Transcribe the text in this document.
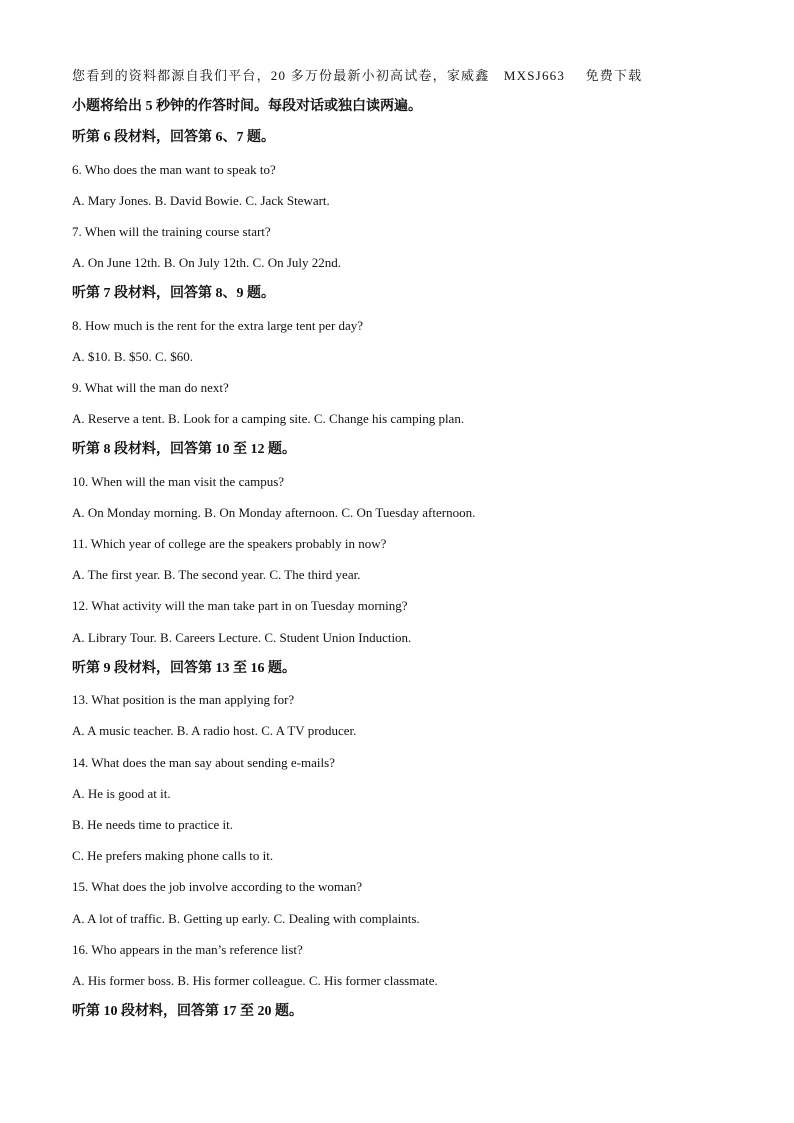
您看到的资料都源自我们平台，20 多万份最新小初高试卷，家威鑫 MXSJ663 免费下载
小题将给出 5 秒钟的作答时间。每段对话或独白读两遍。
听第 6 段材料，回答第 6、7 题。
6. Who does the man want to speak to?
A. Mary Jones. B. David Bowie. C. Jack Stewart.
7. When will the training course start?
A. On June 12th. B. On July 12th. C. On July 22nd.
听第 7 段材料，回答第 8、9 题。
8. How much is the rent for the extra large tent per day?
A. $10. B. $50. C. $60.
9. What will the man do next?
A. Reserve a tent. B. Look for a camping site. C. Change his camping plan.
听第 8 段材料，回答第 10 至 12 题。
10. When will the man visit the campus?
A. On Monday morning. B. On Monday afternoon. C. On Tuesday afternoon.
11. Which year of college are the speakers probably in now?
A. The first year. B. The second year. C. The third year.
12. What activity will the man take part in on Tuesday morning?
A. Library Tour. B. Careers Lecture. C. Student Union Induction.
听第 9 段材料，回答第 13 至 16 题。
13. What position is the man applying for?
A. A music teacher. B. A radio host. C. A TV producer.
14. What does the man say about sending e-mails?
A. He is good at it.
B. He needs time to practice it.
C. He prefers making phone calls to it.
15. What does the job involve according to the woman?
A. A lot of traffic. B. Getting up early. C. Dealing with complaints.
16. Who appears in the man’s reference list?
A. His former boss. B. His former colleague. C. His former classmate.
听第 10 段材料，回答第 17 至 20 题。
